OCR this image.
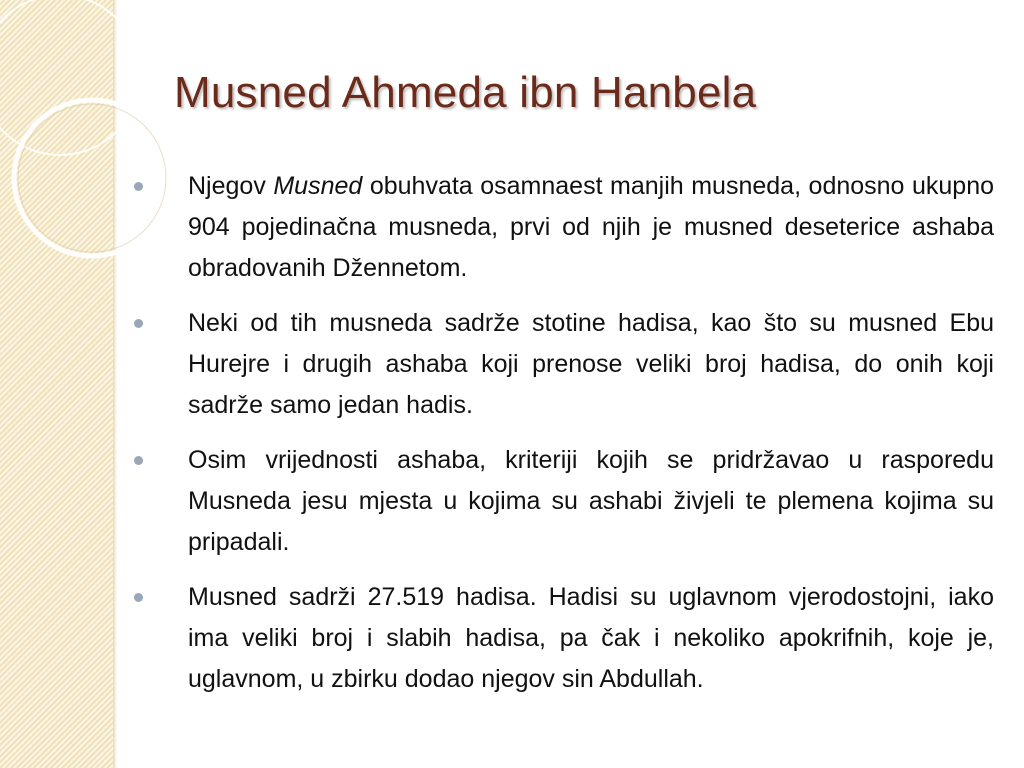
Musned Ahmeda ibn Hanbela
Njegov Musned obuhvata osamnaest manjih musneda, odnosno ukupno 904 pojedinačna musneda, prvi od njih je musned deseterice ashaba obradovanih Džennetom.
Neki od tih musneda sadrže stotine hadisa, kao što su musned Ebu Hurejre i drugih ashaba koji prenose veliki broj hadisa, do onih koji sadrže samo jedan hadis.
Osim vrijednosti ashaba, kriteriji kojih se pridržavao u rasporedu Musneda jesu mjesta u kojima su ashabi živjeli te plemena kojima su pripadali.
Musned sadrži 27.519 hadisa. Hadisi su uglavnom vjerodostojni, iako ima veliki broj i slabih hadisa, pa čak i nekoliko apokrifnih, koje je, uglavnom, u zbirku dodao njegov sin Abdullah.
